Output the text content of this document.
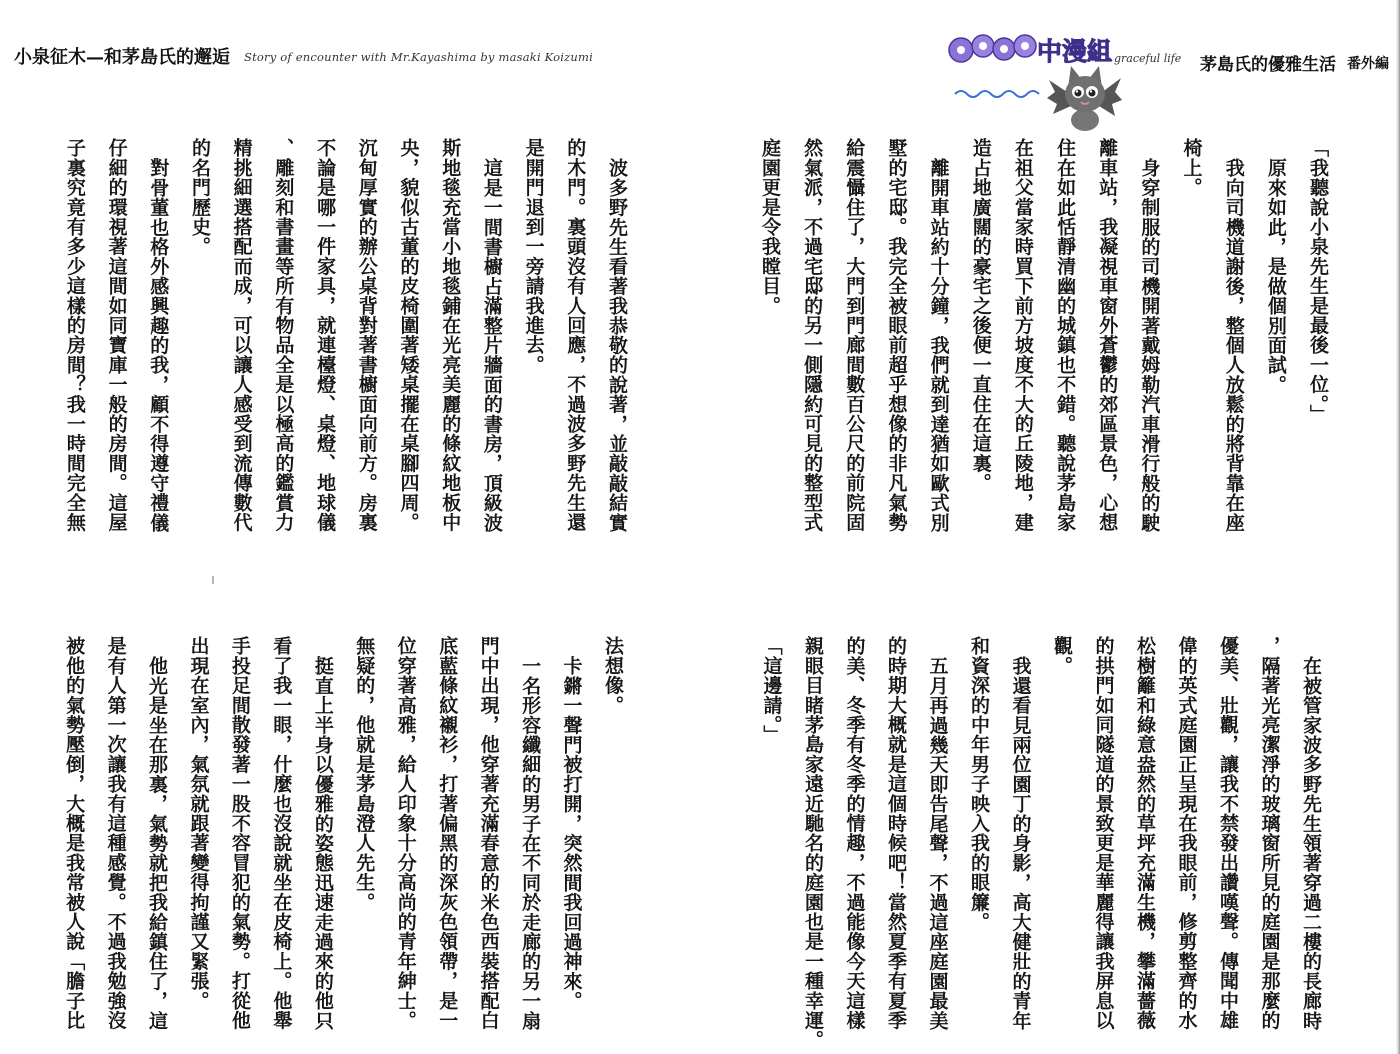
小泉征木—和茅島氏的邂逅 Story of encounter with Mr.Kayashima by masaki Koizumi
波多野先生看著我恭敬的說著，並敲敲結實
的木門。裏頭沒有人回應，不過波多野先生還
是開門退到一旁請我進去。
這是一間書櫥占滿整片牆面的書房，頂級波
斯地毯充當小地毯鋪在光亮美麗的條紋地板中
央，貌似古董的皮椅圍著矮桌擺在桌腳四周。
沉甸厚實的辦公桌背對著書櫥面向前方。房裏
不論是哪一件家具，就連檯燈、桌燈、地球儀
、雕刻和書畫等所有物品全是以極高的鑑賞力
精挑細選搭配而成，可以讓人感受到流傳數代
的名門歷史。
對骨董也格外感興趣的我，顧不得遵守禮儀
仔細的環視著這間如同寶庫一般的房間。這屋
子裏究竟有多少這樣的房間？我一時間完全無
法想像。
卡鏘一聲門被打開，突然間我回過神來。
一名形容纖細的男子在不同於走廊的另一扇
門中出現，他穿著充滿春意的米色西裝搭配白
底藍條紋襯衫，打著偏黑的深灰色領帶，是一
位穿著高雅，給人印象十分高尚的青年紳士。
無疑的，他就是茅島澄人先生。
挺直上半身以優雅的姿態迅速走過來的他只
看了我一眼，什麼也沒說就坐在皮椅上。他舉
手投足間散發著一股不容冒犯的氣勢。打從他
出現在室內，氣氛就跟著變得拘謹又緊張。
他光是坐在那裏，氣勢就把我給鎮住了，這
是有人第一次讓我有這種感覺。不過我勉強沒
被他的氣勢壓倒，大概是我常被人說「膽子比
中漫組 graceful life 茅島氏的優雅生活 番外編
「我聽說小泉先生是最後一位。」
原來如此，是做個別面試。
我向司機道謝後，整個人放鬆的將背靠在座
椅上。
身穿制服的司機開著戴姆勒汽車滑行般的駛
離車站，我凝視車窗外蒼鬱的郊區景色，心想
住在如此恬靜清幽的城鎮也不錯。聽說茅島家
在祖父當家時買下前方坡度不大的丘陵地，建
造占地廣闊的豪宅之後便一直住在這裏。
離開車站約十分鐘，我們就到達猶如歐式別
墅的宅邸。我完全被眼前超乎想像的非凡氣勢
給震懾住了，大門到門廊間數百公尺的前院固
然氣派，不過宅邸的另一側隱約可見的整型式
庭園更是令我瞠目。
在被管家波多野先生領著穿過二樓的長廊時
，隔著光亮潔淨的玻璃窗所見的庭園是那麼的
優美、壯觀，讓我不禁發出讚嘆聲。傳聞中雄
偉的英式庭園正呈現在我眼前，修剪整齊的水
松樹籬和綠意盎然的草坪充滿生機，攀滿薔薇
的拱門如同隧道的景致更是華麗得讓我屏息以
觀。
我還看見兩位園丁的身影，高大健壯的青年
和資深的中年男子映入我的眼簾。
五月再過幾天即告尾聲，不過這座庭園最美
的時期大概就是這個時候吧！當然夏季有夏季
的美、冬季有冬季的情趣，不過能像今天這樣
親眼目睹茅島家遠近馳名的庭園也是一種幸運。
「這邊請。」
